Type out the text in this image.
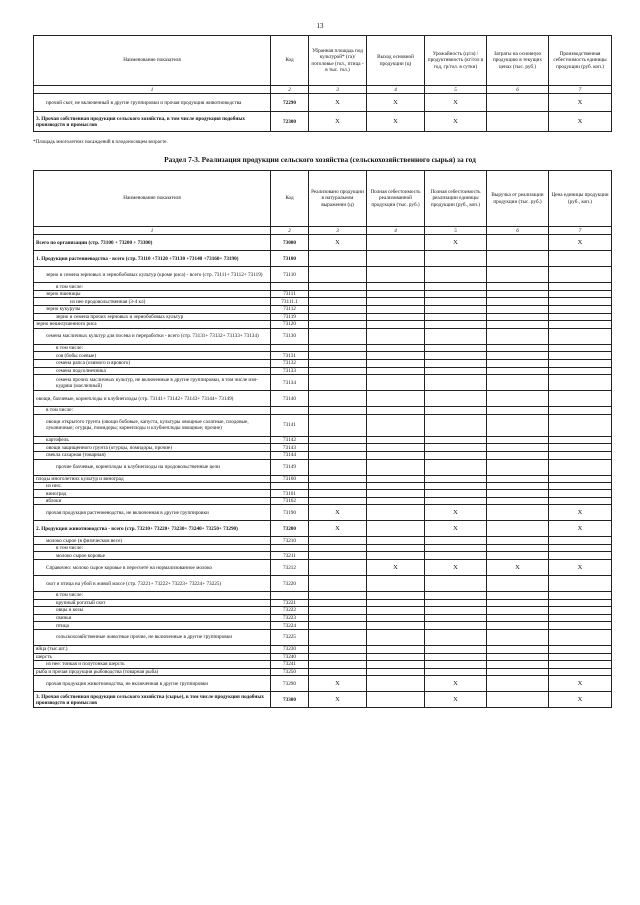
13
Наименование показателя	Код	Убранная площадь под культурой* (га)/ поголовье (гол., птица - в тыс. гол.)	Выход основной продукции (ц)	Урожайность (ц/га) / продуктивность (кг/гол в год, гр/гол. в сутки)	Затраты на основную продукцию в текущих ценах (тыс. руб.)	Производственная себестоимость единицы продукции (руб. коп.)
1	2	3	4	5	6	7
прочий скот, не включенный в другие группировки и прочая продукция животноводства	72290	X	X	X		X
3. Прочая собственная продукция сельского хозяйства, в том числе продукция подобных производств и промыслов	72300	X	X	X		X
*Площадь многолетних насаждений в плодоносящем возрасте.
Раздел 7-3. Реализация продукции сельского хозяйства (сельскохозяйственного сырья) за год
Наименование показателя	Код	Реализовано продукции в натуральном выражении (ц)	Полная себестоимость реализованной продукции (тыс. руб.)	Полная себестоимость реализации единицы продукции (руб., коп.)	Выручка от реализации продукции (тыс. руб.)	Цена единицы продукции (руб., коп.)
1	2	3	4	5	6	7
Всего по организации (стр. 73100 + 73200 + 73300)	73000	X		X		X
1. Продукция растениеводства - всего (стр. 73110 +73120 +73130 +73140 +73160+ 73190)	73100					
зерно и семена зерновых и зернобобовых культур (кроме риса) - всего (стр. 73111+ 73112+ 73119)	73110					
в том числе:						
зерно пшеницы	73111					
из нее продовольственная (3-4 кл)	73111.1					
зерно кукурузы	73112					
зерно и семена прочих зерновых и зернобобовых культур	73119					
зерно нешелушенного риса	73120					
семена масличных культур для посева и переработки - всего (стр. 73131+ 73132+ 73133+ 73134)	73130					
в том числе:						
соя (бобы соевые)	73131					
семена рапса (озимого и ярового)	73132					
семена подсолнечника	73133					
семена прочих масличных культур, не включенные в другие группировки, в том числе иэн-кудряш (масличный)	73134					
овощи, бахчевые, корнеплоды и клубнеплоды (стр. 73141+ 73142+ 73143+ 73144+ 73149)	73140					
в том числе:						
овощи открытого грунта (овощи бобовые, капуста, культуры овощные салатные, плодовые, луковичные; огурцы, помидоры; корнеплоды и клубнеплоды овощные; прочие)	73141					
картофель	73142					
овощи защищенного грунта (огурцы, помидоры, прочие)	73143					
свекла сахарная (товарная)	73144					
прочие бахчевые, корнеплоды и клубнеплоды на продовольственные цели	73149					
плоды многолетних культур и виноград	73160					
из них:						
виноград	73161					
яблоки	73162					
прочая продукция растениеводства, не включенная в другие группировки	73190	X		X		X
2. Продукция животноводства - всего (стр. 73210+ 73220+ 73230+ 73240+ 73250+ 73290)	73200	X		X		X
молоко сырое (в физическом весе)	73210					
в том числе:						
молоко сырое коровье	73211					
Справочно: молоко сырое коровье в пересчете на нормализованное молоко	73212		X	X	X	X
скот и птица на убой в живой массе (стр. 73221+ 73222+ 73223+ 73224+ 73225)	73220					
в том числе:						
крупный рогатый скот	73221					
овцы и козы	73222					
свиньи	73223					
птица	73224					
сельскохозяйственные животные прочие, не включенные в другие группировки	73225					
яйца (тыс.шт.)	73230					
шерсть	73240					
из нее: тонкая и полутонкая шерсть	73241					
рыба и прочая продукция рыбоводства (товарная рыба)	73250					
прочая продукция животноводства, не включенная в другие группировки	73290	X		X		X
3. Прочая собственная продукция сельского хозяйства (сырье), в том числе продукция подобных производств и промыслов	73300	X		X		X
